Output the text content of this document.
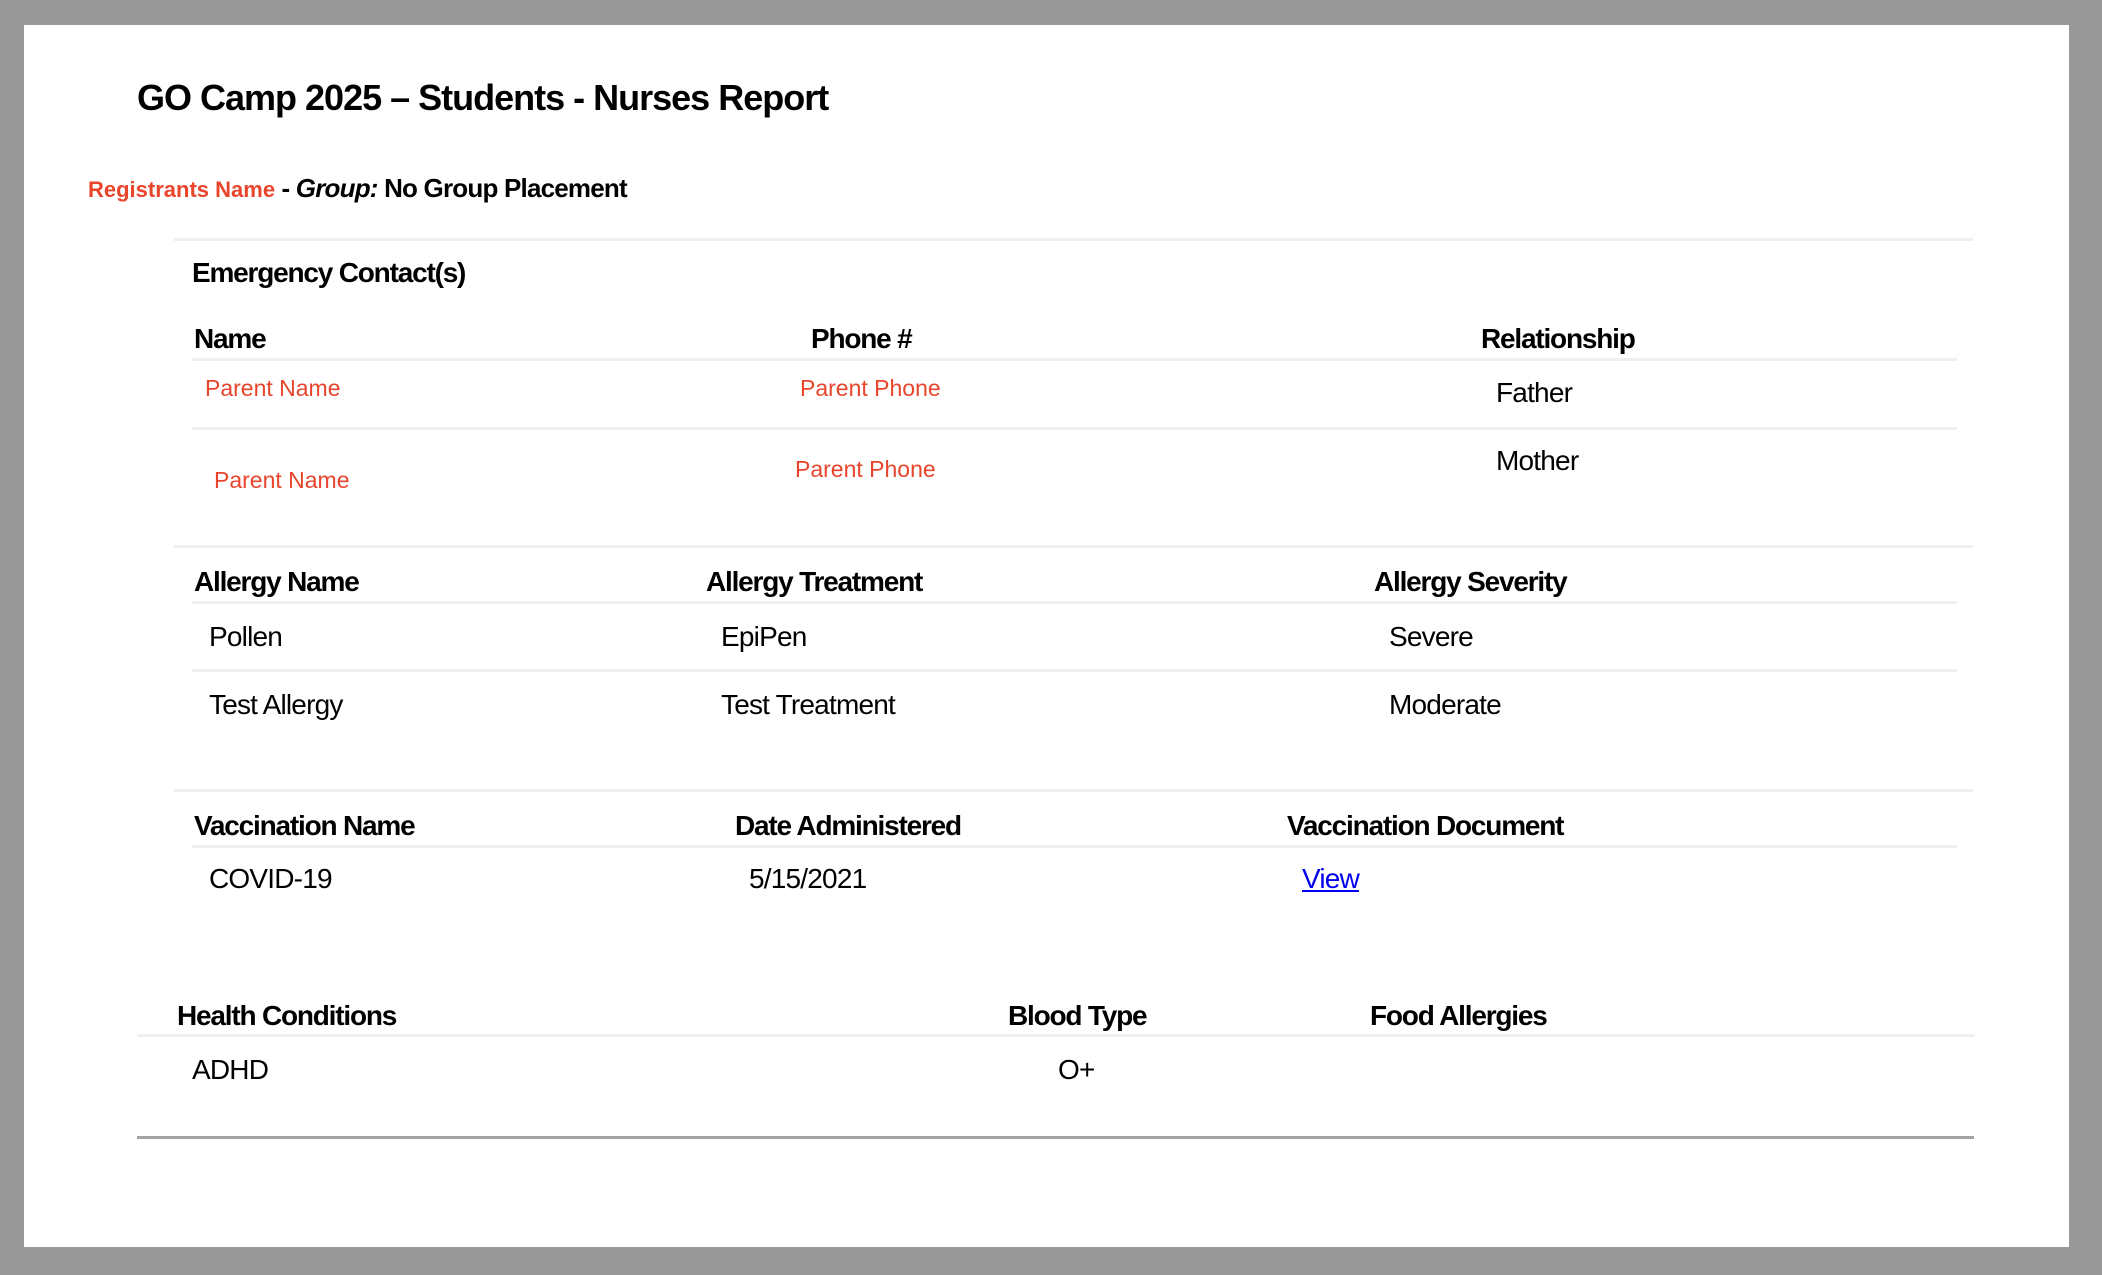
GO Camp 2025 – Students - Nurses Report
Registrants Name - Group: No Group Placement
Emergency Contact(s)
Name	Phone #	Relationship
Parent Name	Parent Phone	Father
Parent Name	Parent Phone	Mother
Allergy Name	Allergy Treatment	Allergy Severity
Pollen	EpiPen	Severe
Test Allergy	Test Treatment	Moderate
Vaccination Name	Date Administered	Vaccination Document
COVID-19	5/15/2021	View
Health Conditions	Blood Type	Food Allergies
ADHD	O+
